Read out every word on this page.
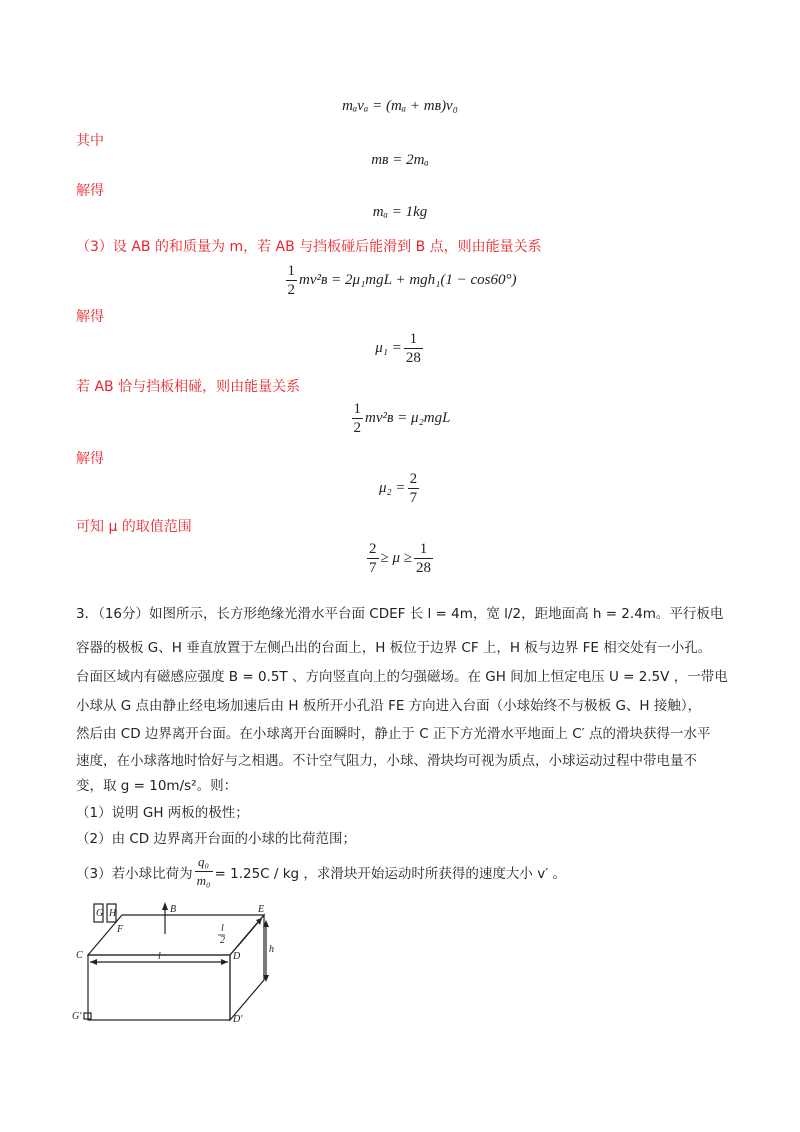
mₐvₐ = (mₐ + mʙ)v₀
其中
mʙ = 2mₐ
解得
mₐ = 1kg
（3）设 AB 的和质量为 m，若 AB 与挡板碰后能滑到 B 点，则由能量关系
$\frac{1}{2}$ mv²ʙ = 2μ₁mgL + mgh₁(1 − cos60°)
解得
$\mu_1 = \frac{1}{28}$
若 AB 恰与挡板相碰，则由能量关系
$\frac{1}{2}$ mv²ʙ = μ₂mgL
解得
$\mu_2 = \frac{2}{7}$
可知 μ 的取值范围
$\frac{2}{7} \ge \mu \ge \frac{1}{28}$
3．（16分）如图所示，长方形绝缘光滑水平台面 CDEF 长 l = 4m，宽 l/2，距地面高 h = 2.4m。平行板电
容器的极板 G、H 垂直放置于左侧凸出的台面上，H 板位于边界 CF 上，H 板与边界 FE 相交处有一小孔。
台面区域内有磁感应强度 B = 0.5T 、方向竖直向上的匀强磁场。在 GH 间加上恒定电压 U = 2.5V ，一带电
小球从 G 点由静止经电场加速后由 H 板所开小孔沿 FE 方向进入台面（小球始终不与极板 G、H 接触），
然后由 CD 边界离开台面。在小球离开台面瞬时，静止于 C 正下方光滑水平地面上 C′ 点的滑块获得一水平
速度，在小球落地时恰好与之相遇。不计空气阻力，小球、滑块均可视为质点，小球运动过程中带电量不
变，取 g = 10m/s²。则：
（1）说明 GH 两板的极性；
（2）由 CD 边界离开台面的小球的比荷范围；
（3）若小球比荷为 $\frac{\text{q₀}}{\text{m₀}} = 1.25C$ / kg ，求滑块开始运动时所获得的速度大小 v′ 。
G H
F
B	E
C	D
l
l
2
h
G′	D′
